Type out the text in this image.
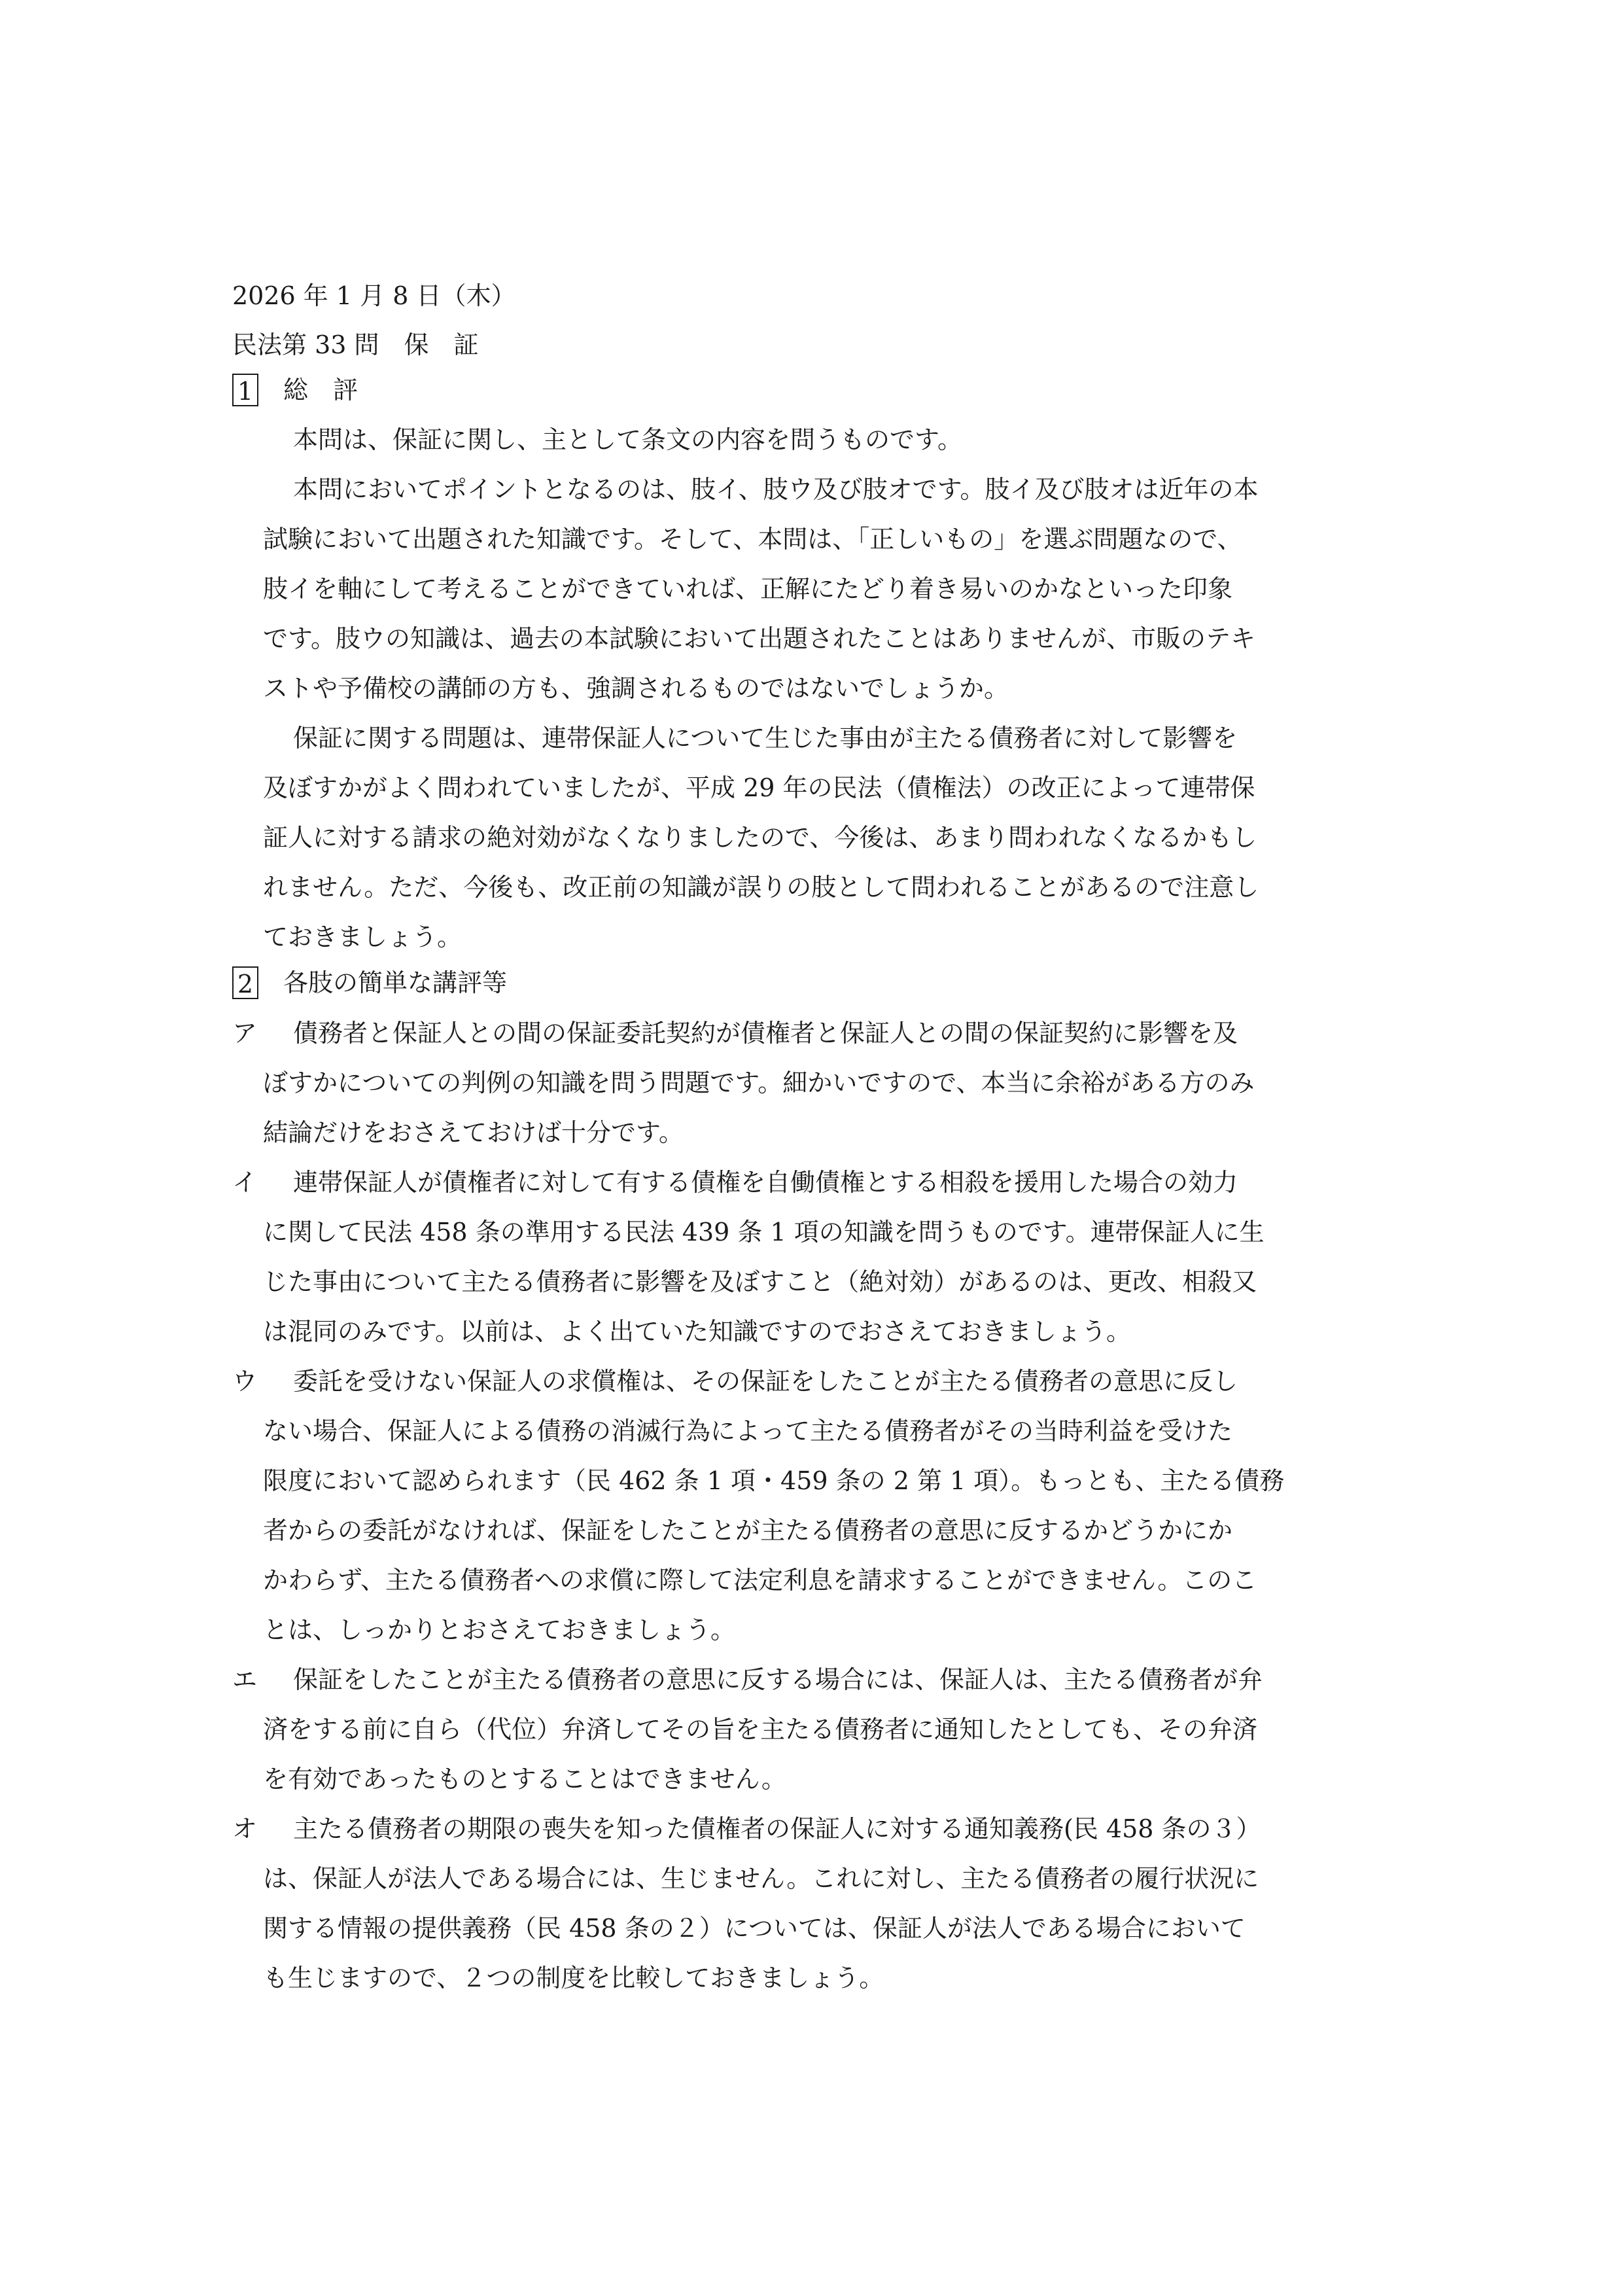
2026 年 1 月 8 日（木）
民法第 33 問　保　証
1 総　評
本問は、保証に関し、主として条文の内容を問うものです。
本問においてポイントとなるのは、肢イ、肢ウ及び肢オです。肢イ及び肢オは近年の本
試験において出題された知識です。そして、本問は、「正しいもの」を選ぶ問題なので、
肢イを軸にして考えることができていれば、正解にたどり着き易いのかなといった印象
です。肢ウの知識は、過去の本試験において出題されたことはありませんが、市販のテキ
ストや予備校の講師の方も、強調されるものではないでしょうか。
保証に関する問題は、連帯保証人について生じた事由が主たる債務者に対して影響を
及ぼすかがよく問われていましたが、平成 29 年の民法（債権法）の改正によって連帯保
証人に対する請求の絶対効がなくなりましたので、今後は、あまり問われなくなるかもし
れません。ただ、今後も、改正前の知識が誤りの肢として問われることがあるので注意し
ておきましょう。
2 各肢の簡単な講評等
ア 債務者と保証人との間の保証委託契約が債権者と保証人との間の保証契約に影響を及
ぼすかについての判例の知識を問う問題です。細かいですので、本当に余裕がある方のみ
結論だけをおさえておけば十分です。
イ 連帯保証人が債権者に対して有する債権を自働債権とする相殺を援用した場合の効力
に関して民法 458 条の準用する民法 439 条 1 項の知識を問うものです。連帯保証人に生
じた事由について主たる債務者に影響を及ぼすこと（絶対効）があるのは、更改、相殺又
は混同のみです。以前は、よく出ていた知識ですのでおさえておきましょう。
ウ 委託を受けない保証人の求償権は、その保証をしたことが主たる債務者の意思に反し
ない場合、保証人による債務の消滅行為によって主たる債務者がその当時利益を受けた
限度において認められます（民 462 条 1 項・459 条の 2 第 1 項）。もっとも、主たる債務
者からの委託がなければ、保証をしたことが主たる債務者の意思に反するかどうかにか
かわらず、主たる債務者への求償に際して法定利息を請求することができません。このこ
とは、しっかりとおさえておきましょう。
エ 保証をしたことが主たる債務者の意思に反する場合には、保証人は、主たる債務者が弁
済をする前に自ら（代位）弁済してその旨を主たる債務者に通知したとしても、その弁済
を有効であったものとすることはできません。
オ 主たる債務者の期限の喪失を知った債権者の保証人に対する通知義務(民 458 条の３）
は、保証人が法人である場合には、生じません。これに対し、主たる債務者の履行状況に
関する情報の提供義務（民 458 条の２）については、保証人が法人である場合において
も生じますので、２つの制度を比較しておきましょう。
